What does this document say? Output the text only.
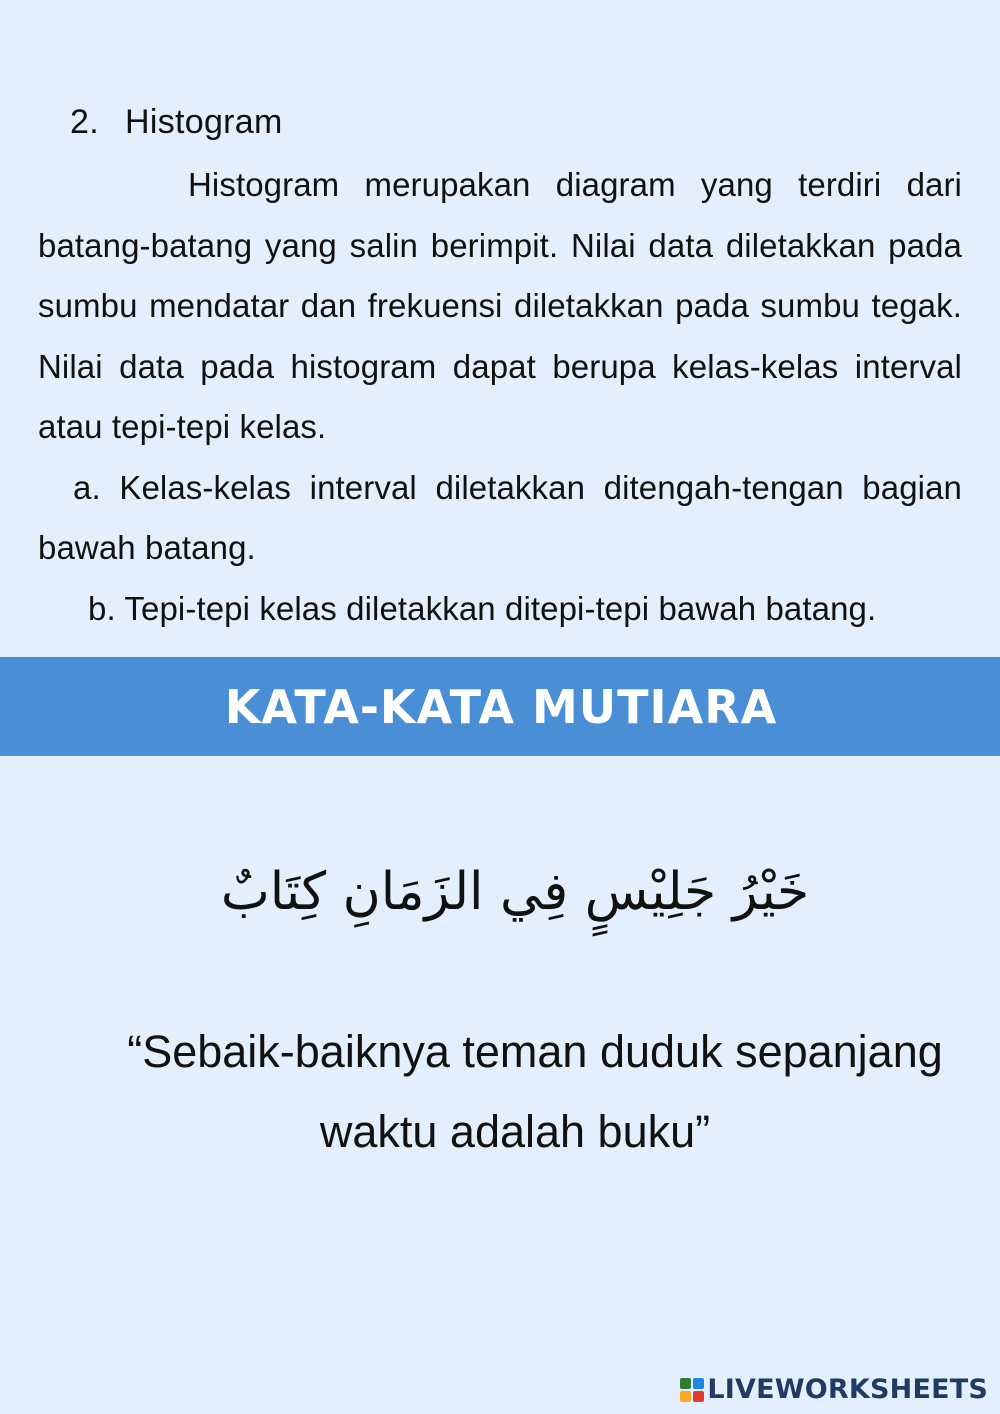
2. Histogram

Histogram merupakan diagram yang terdiri dari batang-batang yang salin berimpit. Nilai data diletakkan pada sumbu mendatar dan frekuensi diletakkan pada sumbu tegak. Nilai data pada histogram dapat berupa kelas-kelas interval atau tepi-tepi kelas.

a. Kelas-kelas interval diletakkan ditengah-tengan bagian bawah batang.

b. Tepi-tepi kelas diletakkan ditepi-tepi bawah batang.

KATA-KATA MUTIARA
خَيْرُ جَلِيْسٍ فِي الزَمَانِ كِتَابٌ
“Sebaik-baiknya teman duduk sepanjang
waktu adalah buku”
LIVEWORKSHEETS
